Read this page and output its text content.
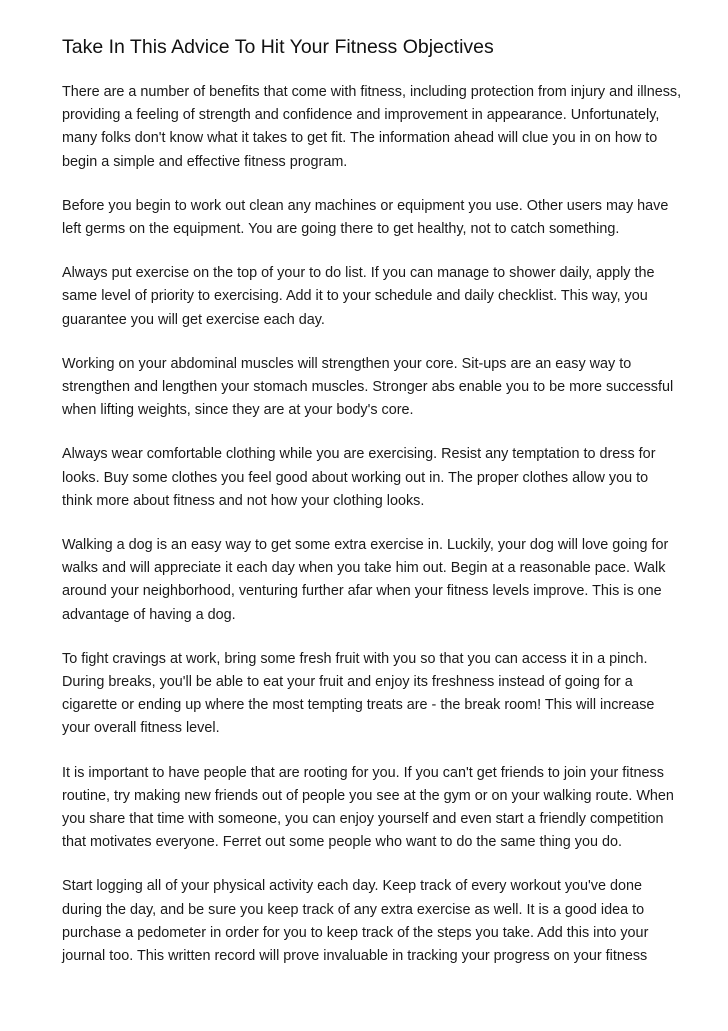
Take In This Advice To Hit Your Fitness Objectives

There are a number of benefits that come with fitness, including protection from injury and illness, providing a feeling of strength and confidence and improvement in appearance. Unfortunately, many folks don't know what it takes to get fit. The information ahead will clue you in on how to begin a simple and effective fitness program.

Before you begin to work out clean any machines or equipment you use. Other users may have left germs on the equipment. You are going there to get healthy, not to catch something.

Always put exercise on the top of your to do list. If you can manage to shower daily, apply the same level of priority to exercising. Add it to your schedule and daily checklist. This way, you guarantee you will get exercise each day.

Working on your abdominal muscles will strengthen your core. Sit-ups are an easy way to strengthen and lengthen your stomach muscles. Stronger abs enable you to be more successful when lifting weights, since they are at your body's core.

Always wear comfortable clothing while you are exercising. Resist any temptation to dress for looks. Buy some clothes you feel good about working out in. The proper clothes allow you to think more about fitness and not how your clothing looks.

Walking a dog is an easy way to get some extra exercise in. Luckily, your dog will love going for walks and will appreciate it each day when you take him out. Begin at a reasonable pace. Walk around your neighborhood, venturing further afar when your fitness levels improve. This is one advantage of having a dog.

To fight cravings at work, bring some fresh fruit with you so that you can access it in a pinch. During breaks, you'll be able to eat your fruit and enjoy its freshness instead of going for a cigarette or ending up where the most tempting treats are - the break room! This will increase your overall fitness level.

It is important to have people that are rooting for you. If you can't get friends to join your fitness routine, try making new friends out of people you see at the gym or on your walking route. When you share that time with someone, you can enjoy yourself and even start a friendly competition that motivates everyone. Ferret out some people who want to do the same thing you do.

Start logging all of your physical activity each day. Keep track of every workout you've done during the day, and be sure you keep track of any extra exercise as well. It is a good idea to purchase a pedometer in order for you to keep track of the steps you take. Add this into your journal too. This written record will prove invaluable in tracking your progress on your fitness
